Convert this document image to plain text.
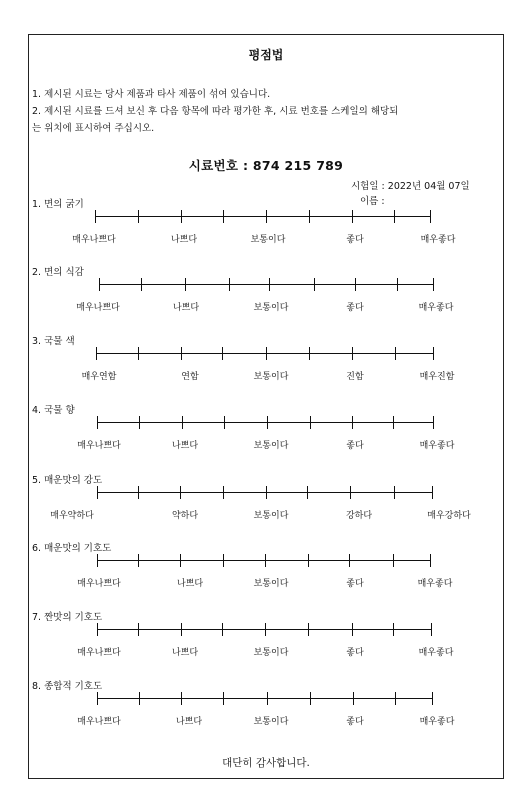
평점법
1. 제시된 시료는 당사 제품과 타사 제품이 섞여 있습니다.
2. 제시된 시료를 드셔 보신 후 다음 항목에 따라 평가한 후, 시료 번호를 스케일의 해당되
는 위치에 표시하여 주십시오.
시료번호 : 874 215 789
시험일 : 2022년 04월 07일
이름 :
1. 면의 굵기
매우나쁘다	나쁘다	보통이다	좋다	매우좋다
2. 면의 식감
매우나쁘다	나쁘다	보통이다	좋다	매우좋다
3. 국물 색
매우연함	연함	보통이다	진함	매우진함
4. 국물 향
매우나쁘다	나쁘다	보통이다	좋다	매우좋다
5. 매운맛의 강도
매우약하다	약하다	보통이다	강하다	매우강하다
6. 매운맛의 기호도
매우나쁘다	나쁘다	보통이다	좋다	매우좋다
7. 짠맛의 기호도
매우나쁘다	나쁘다	보통이다	좋다	매우좋다
8. 종합적 기호도
매우나쁘다	나쁘다	보통이다	좋다	매우좋다
대단히 감사합니다.
